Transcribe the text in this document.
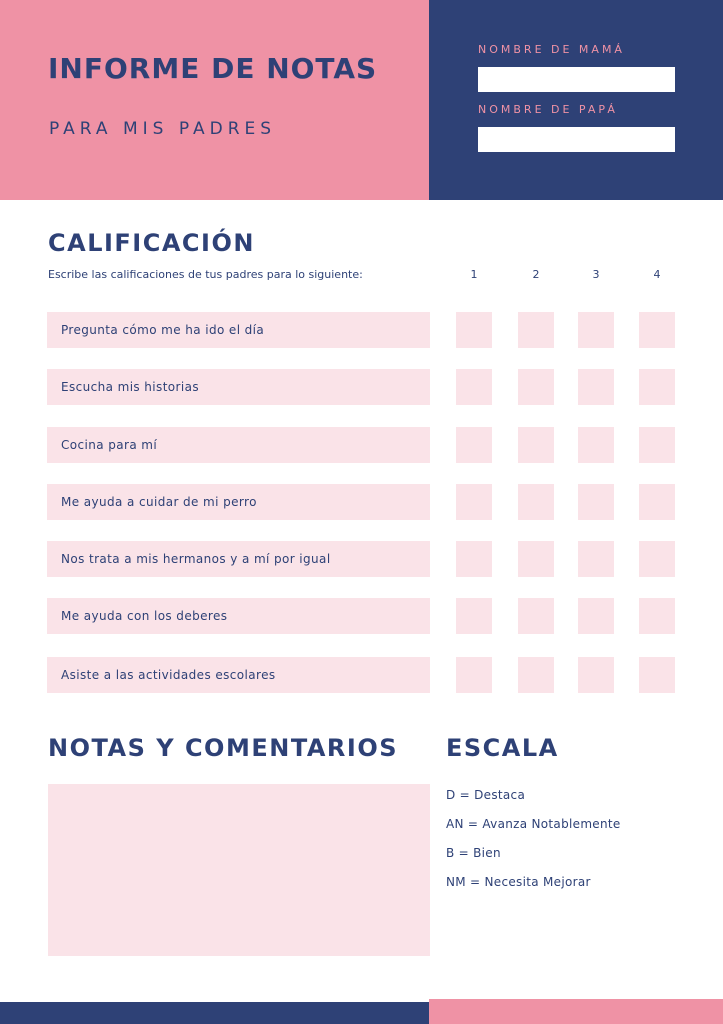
INFORME DE NOTAS
PARA MIS PADRES
NOMBRE DE MAMÁ
NOMBRE DE PAPÁ
CALIFICACIÓN
Escribe las calificaciones de tus padres para lo siguiente:	1	2	3	4
Pregunta cómo me ha ido el día
Escucha mis historias
Cocina para mí
Me ayuda a cuidar de mi perro
Nos trata a mis hermanos y a mí por igual
Me ayuda con los deberes
Asiste a las actividades escolares
NOTAS Y COMENTARIOS ESCALA
D = Destaca
AN = Avanza Notablemente
B = Bien
NM = Necesita Mejorar
